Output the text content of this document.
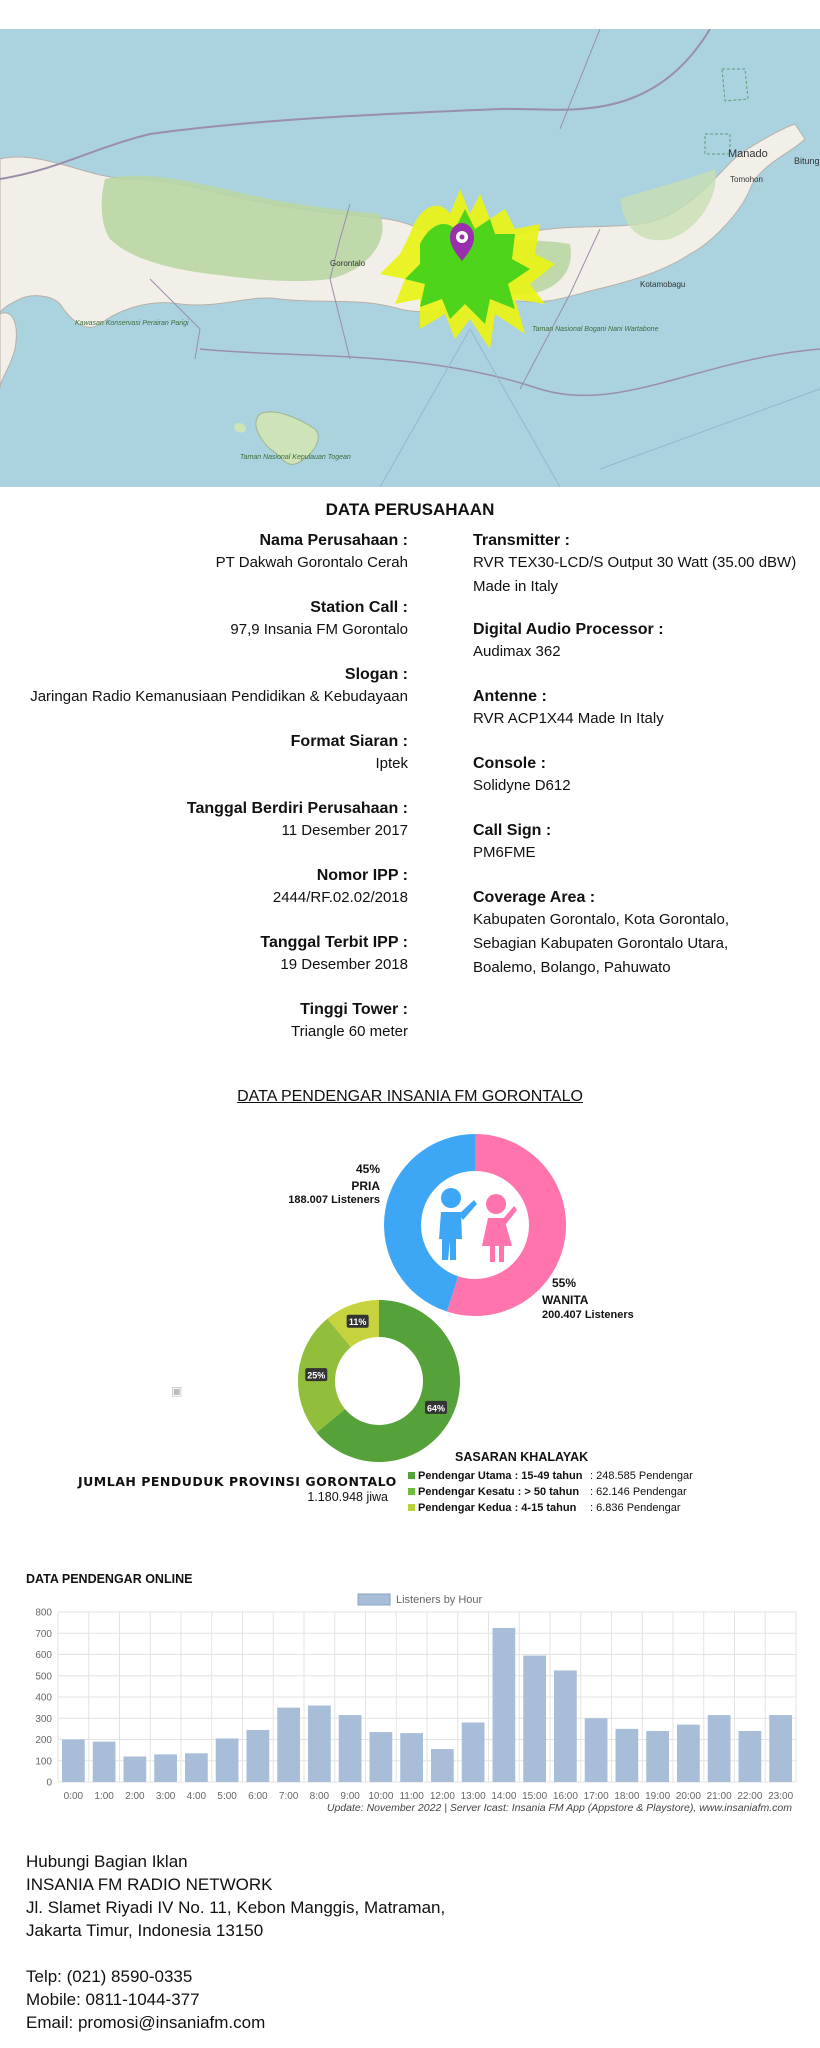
Manado
Bitung
Tomohon
Kotamobagu
Gorontalo
Taman Nasional Bogani Nani Wartabone
Kawasan Konservasi Perairan Parigi
Taman Nasional Kepulauan Togean
DATA PERUSAHAAN
Nama Perusahaan :
PT Dakwah Gorontalo Cerah
Station Call :
97,9 Insania FM Gorontalo
Slogan :
Jaringan Radio Kemanusiaan Pendidikan & Kebudayaan
Format Siaran :
Iptek
Tanggal Berdiri Perusahaan :
11 Desember 2017
Nomor IPP :
2444/RF.02.02/2018
Tanggal Terbit IPP :
19 Desember 2018
Tinggi Tower :
Triangle 60 meter
Transmitter :
RVR TEX30-LCD/S Output 30 Watt (35.00 dBW)
Made in Italy
Digital Audio Processor :
Audimax 362
Antenne :
RVR ACP1X44 Made In Italy
Console :
Solidyne D612
Call Sign :
PM6FME
Coverage Area :
Kabupaten Gorontalo, Kota Gorontalo,
Sebagian Kabupaten Gorontalo Utara,
Boalemo, Bolango, Pahuwato
DATA PENDENGAR INSANIA FM GORONTALO
45%
PRIA
188.007 Listeners
55%
WANITA
200.407 Listeners
64%
25%
11%
▣
JUMLAH PENDUDUK PROVINSI GORONTALO
1.180.948 jiwa
SASARAN KHALAYAK
Pendengar Utama : 15-49 tahun : 248.585 Pendengar
Pendengar Kesatu : > 50 tahun : 62.146 Pendengar
Pendengar Kedua : 4-15 tahun : 6.836 Pendengar
DATA PENDENGAR ONLINE
Listeners by Hour
0:00 1:00 2:00 3:00 4:00 5:00 6:00 7:00 8:00 9:00 10:00 11:00 12:00 13:00 14:00 15:00 16:00 17:00 18:00 19:00 20:00 21:00 22:00 23:00
0
100
200
300
400
500
600
700
800
Update: November 2022 | Server Icast: Insania FM App (Appstore & Playstore), www.insaniafm.com
Hubungi Bagian Iklan
INSANIA FM RADIO NETWORK
Jl. Slamet Riyadi IV No. 11, Kebon Manggis, Matraman,
Jakarta Timur, Indonesia 13150
Telp: (021) 8590-0335
Mobile: 0811-1044-377
Email: promosi@insaniafm.com
